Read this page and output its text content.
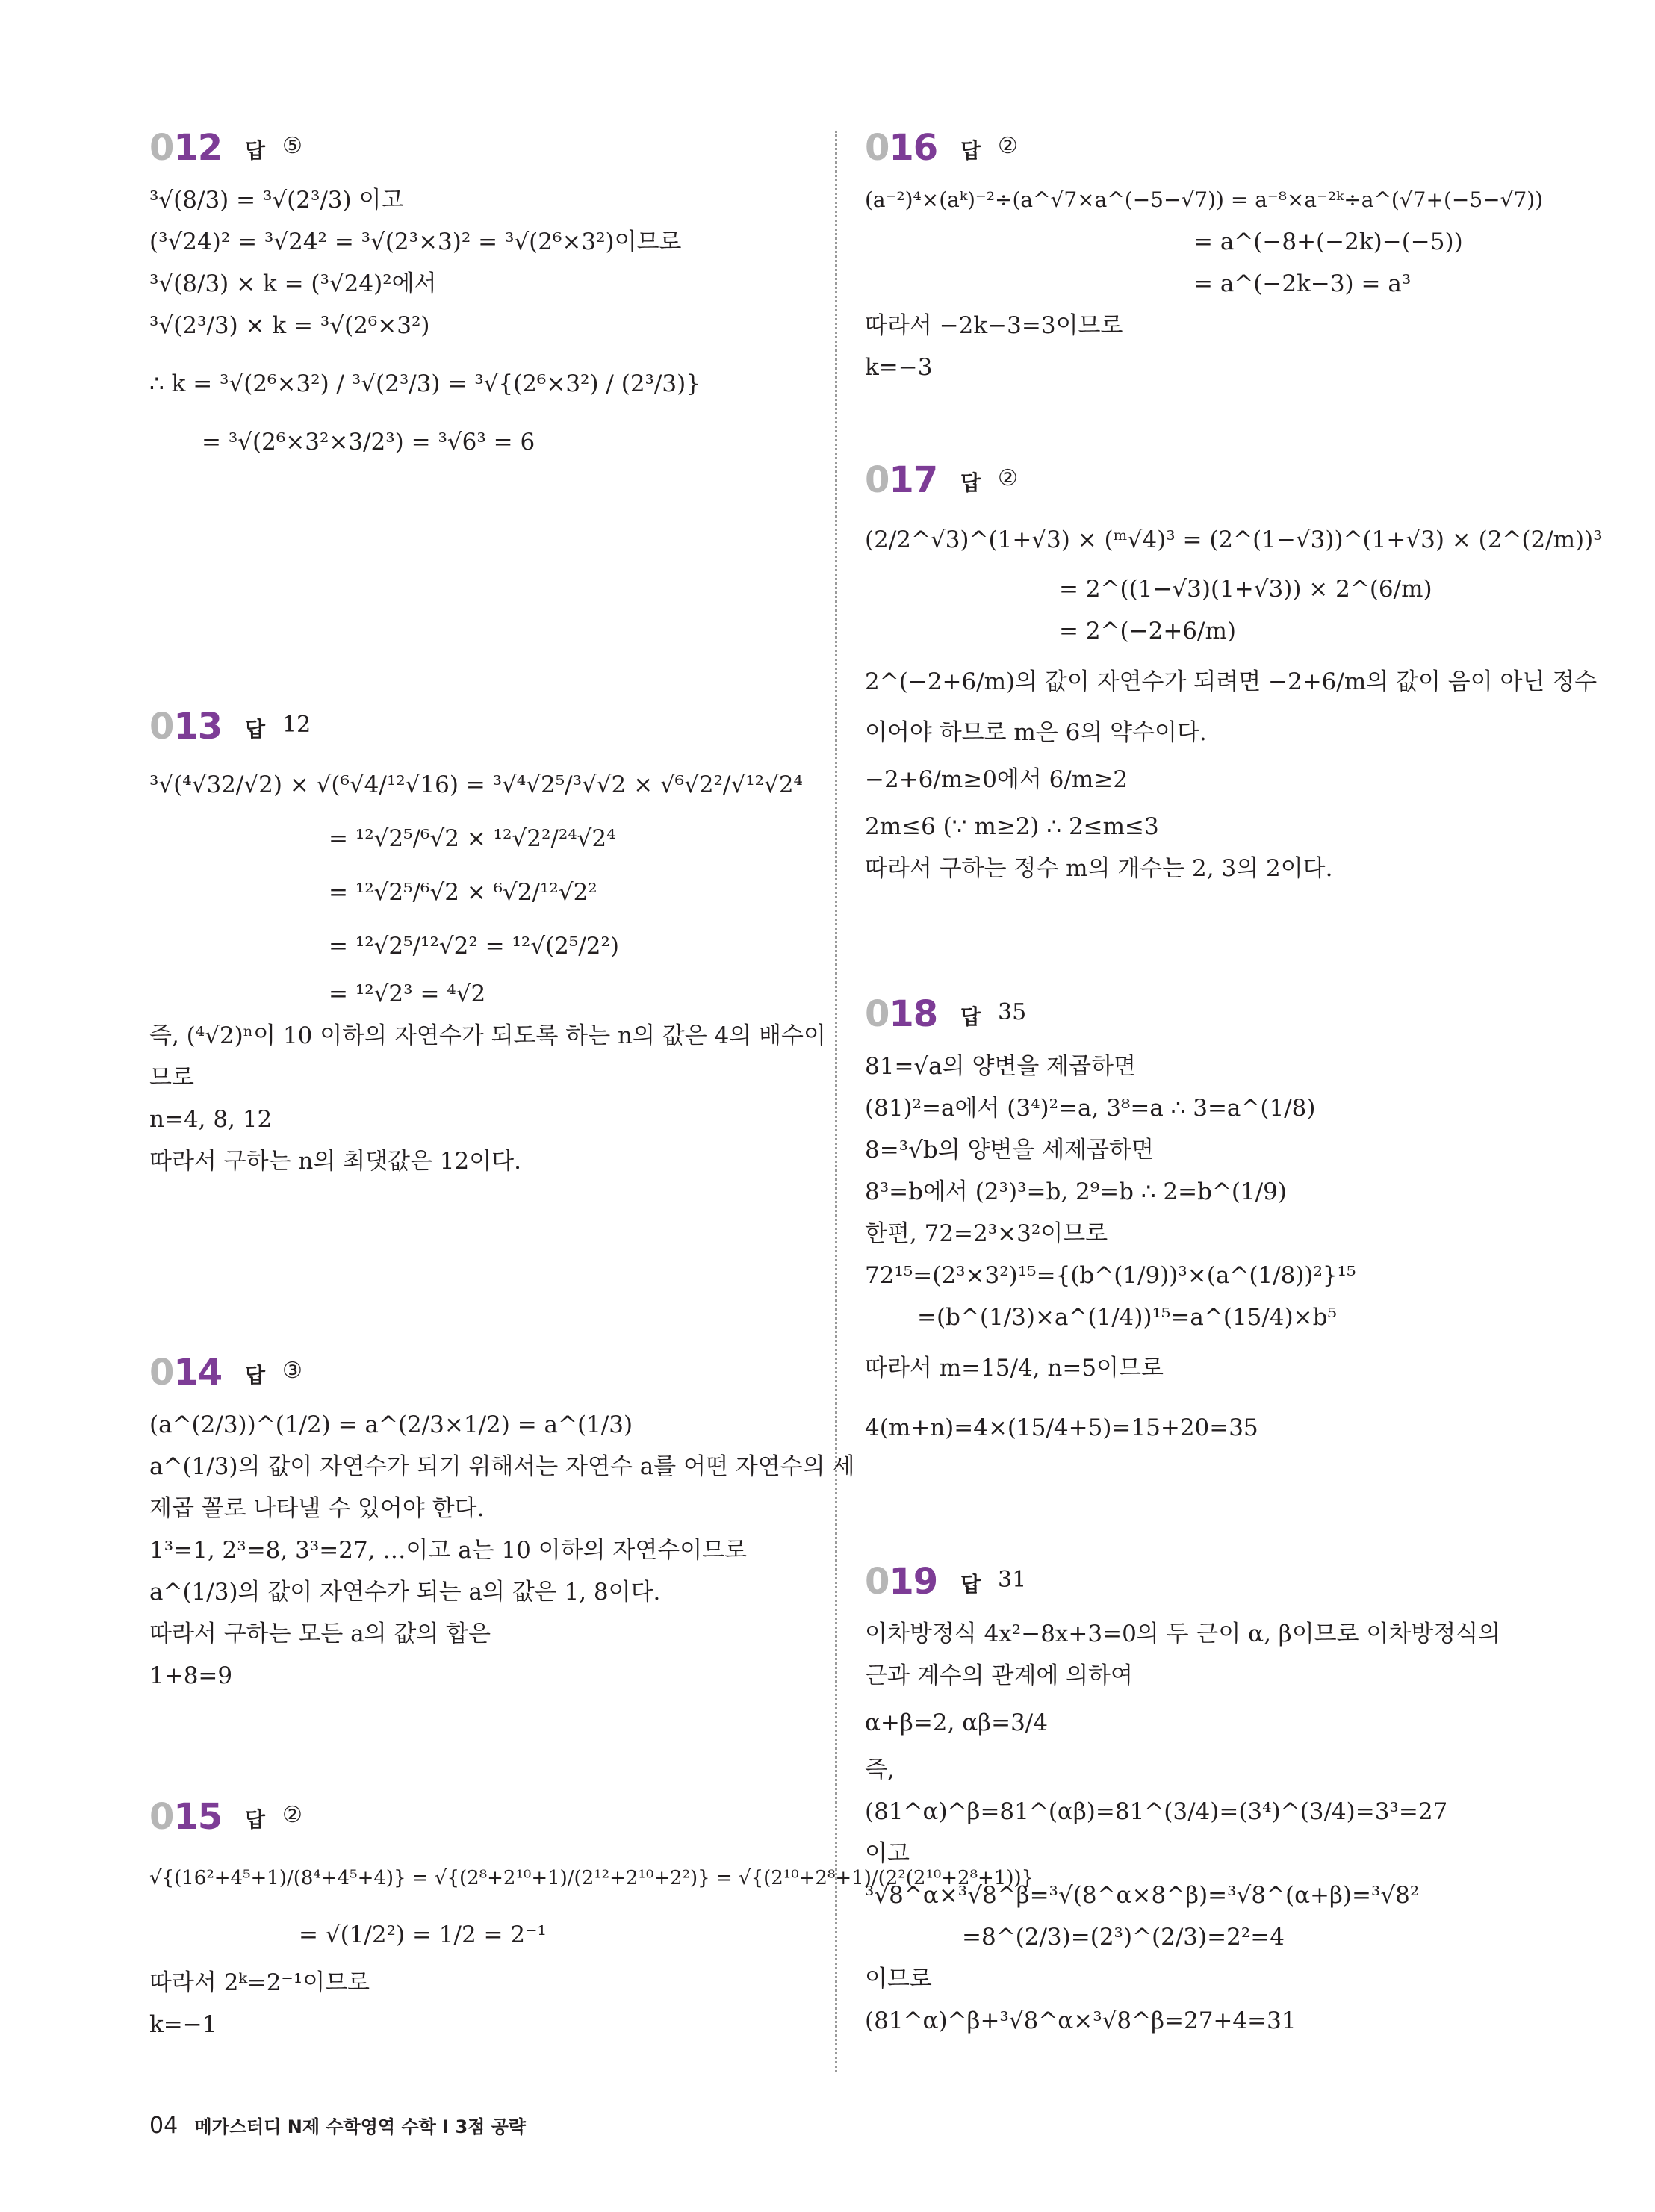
012 답 ⑤
³√(8/3) = ³√(2³/3) 이고
(³√24)² = ³√24² = ³√(2³×3)² = ³√(2⁶×3²)이므로
³√(8/3) × k = (³√24)²에서
³√(2³/3) × k = ³√(2⁶×3²)
∴ k = ³√(2⁶×3²) / ³√(2³/3) = ³√{(2⁶×3²) / (2³/3)}
= ³√(2⁶×3²×3/2³) = ³√6³ = 6
013 답 12
³√(⁴√32/√2) × √(⁶√4/¹²√16) = ³√⁴√2⁵/³√√2 × √⁶√2²/√¹²√2⁴
= ¹²√2⁵/⁶√2 × ¹²√2²/²⁴√2⁴
= ¹²√2⁵/⁶√2 × ⁶√2/¹²√2²
= ¹²√2⁵/¹²√2² = ¹²√(2⁵/2²)
= ¹²√2³ = ⁴√2
즉, (⁴√2)ⁿ이 10 이하의 자연수가 되도록 하는 n의 값은 4의 배수이
므로
n=4, 8, 12
따라서 구하는 n의 최댓값은 12이다.
014 답 ③
(a^(2/3))^(1/2) = a^(2/3×1/2) = a^(1/3)
a^(1/3)의 값이 자연수가 되기 위해서는 자연수 a를 어떤 자연수의 세
제곱 꼴로 나타낼 수 있어야 한다.
1³=1, 2³=8, 3³=27, …이고 a는 10 이하의 자연수이므로
a^(1/3)의 값이 자연수가 되는 a의 값은 1, 8이다.
따라서 구하는 모든 a의 값의 합은
1+8=9
015 답 ②
√{(16²+4⁵+1)/(8⁴+4⁵+4)} = √{(2⁸+2¹⁰+1)/(2¹²+2¹⁰+2²)} = √{(2¹⁰+2⁸+1)/(2²(2¹⁰+2⁸+1))}
= √(1/2²) = 1/2 = 2⁻¹
따라서 2ᵏ=2⁻¹이므로
k=−1
016 답 ②
(a⁻²)⁴×(aᵏ)⁻²÷(a^√7×a^(−5−√7)) = a⁻⁸×a⁻²ᵏ÷a^(√7+(−5−√7))
= a^(−8+(−2k)−(−5))
= a^(−2k−3) = a³
따라서 −2k−3=3이므로
k=−3
017 답 ②
(2/2^√3)^(1+√3) × (ᵐ√4)³ = (2^(1−√3))^(1+√3) × (2^(2/m))³
= 2^((1−√3)(1+√3)) × 2^(6/m)
= 2^(−2+6/m)
2^(−2+6/m)의 값이 자연수가 되려면 −2+6/m의 값이 음이 아닌 정수
이어야 하므로 m은 6의 약수이다.
−2+6/m≥0에서 6/m≥2
2m≤6 (∵ m≥2) ∴ 2≤m≤3
따라서 구하는 정수 m의 개수는 2, 3의 2이다.
018 답 35
81=√a의 양변을 제곱하면
(81)²=a에서 (3⁴)²=a, 3⁸=a ∴ 3=a^(1/8)
8=³√b의 양변을 세제곱하면
8³=b에서 (2³)³=b, 2⁹=b ∴ 2=b^(1/9)
한편, 72=2³×3²이므로
72¹⁵=(2³×3²)¹⁵={(b^(1/9))³×(a^(1/8))²}¹⁵
=(b^(1/3)×a^(1/4))¹⁵=a^(15/4)×b⁵
따라서 m=15/4, n=5이므로
4(m+n)=4×(15/4+5)=15+20=35
019 답 31
이차방정식 4x²−8x+3=0의 두 근이 α, β이므로 이차방정식의
근과 계수의 관계에 의하여
α+β=2, αβ=3/4
즉,
(81^α)^β=81^(αβ)=81^(3/4)=(3⁴)^(3/4)=3³=27
이고
³√8^α×³√8^β=³√(8^α×8^β)=³√8^(α+β)=³√8²
=8^(2/3)=(2³)^(2/3)=2²=4
이므로
(81^α)^β+³√8^α×³√8^β=27+4=31
04 메가스터디 N제 수학영역 수학 Ⅰ 3점 공략
